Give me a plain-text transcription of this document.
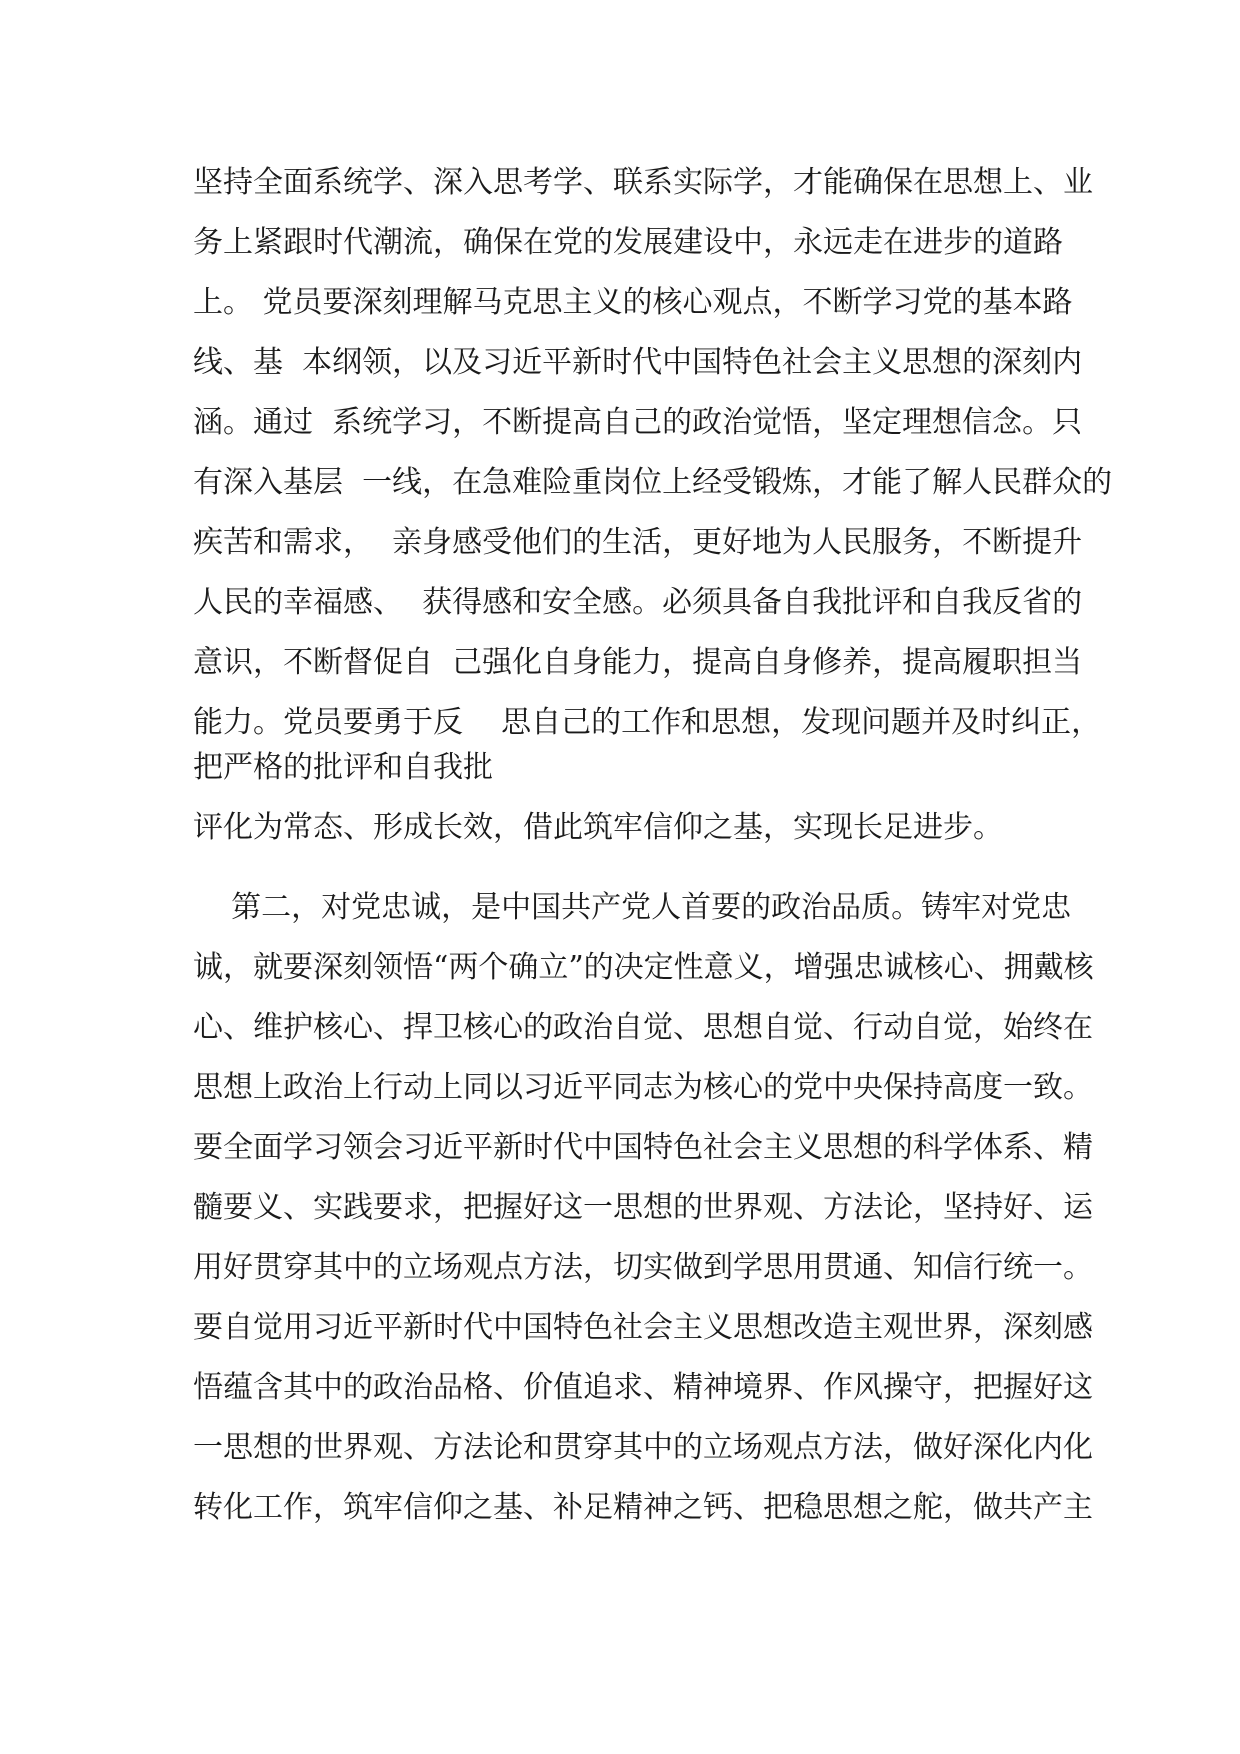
坚持全面系统学、深入思考学、联系实际学，才能确保在思想上、业
务上紧跟时代潮流，确保在党的发展建设中，永远走在进步的道路
上。 党员要深刻理解马克思主义的核心观点，不断学习党的基本路
线、基  本纲领，以及习近平新时代中国特色社会主义思想的深刻内
涵。通过  系统学习，不断提高自己的政治觉悟，坚定理想信念。只
有深入基层  一线，在急难险重岗位上经受锻炼，才能了解人民群众的
疾苦和需求，  亲身感受他们的生活，更好地为人民服务，不断提升
人民的幸福感、  获得感和安全感。必须具备自我批评和自我反省的
意识，不断督促自  己强化自身能力，提高自身修养，提高履职担当
能力。党员要勇于反    思自己的工作和思想，发现问题并及时纠正，
把严格的批评和自我批
评化为常态、形成长效，借此筑牢信仰之基，实现长足进步。
第二，对党忠诚，是中国共产党人首要的政治品质。铸牢对党忠
诚，就要深刻领悟“两个确立”的决定性意义，增强忠诚核心、拥戴核
心、维护核心、捍卫核心的政治自觉、思想自觉、行动自觉，始终在
思想上政治上行动上同以习近平同志为核心的党中央保持高度一致。
要全面学习领会习近平新时代中国特色社会主义思想的科学体系、精
髓要义、实践要求，把握好这一思想的世界观、方法论，坚持好、运
用好贯穿其中的立场观点方法，切实做到学思用贯通、知信行统一。
要自觉用习近平新时代中国特色社会主义思想改造主观世界，深刻感
悟蕴含其中的政治品格、价值追求、精神境界、作风操守，把握好这
一思想的世界观、方法论和贯穿其中的立场观点方法，做好深化内化
转化工作，筑牢信仰之基、补足精神之钙、把稳思想之舵，做共产主
